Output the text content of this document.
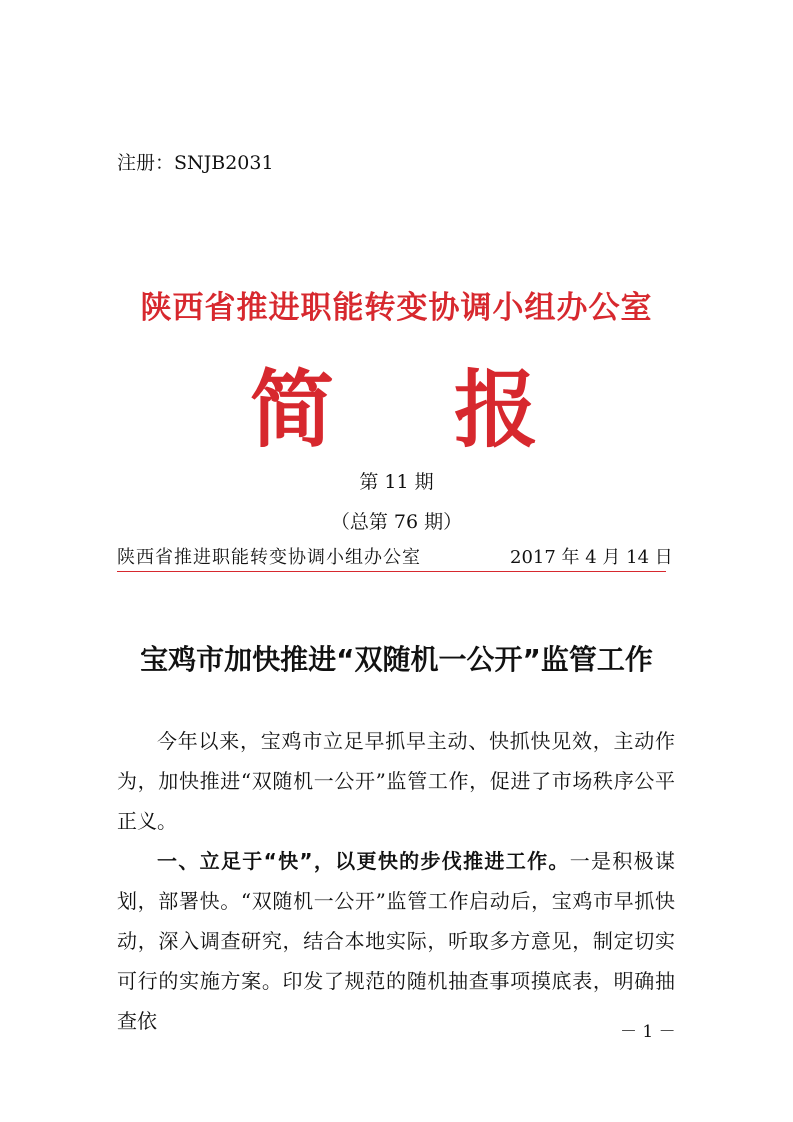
注册：SNJB2031
陕西省推进职能转变协调小组办公室
简 报
第 11 期
（总第 76 期）
陕西省推进职能转变协调小组办公室	2017 年 4 月 14 日
宝鸡市加快推进“双随机一公开”监管工作

今年以来，宝鸡市立足早抓早主动、快抓快见效，主动作为，加快推进“双随机一公开”监管工作，促进了市场秩序公平正义。

一、立足于“快”，以更快的步伐推进工作。一是积极谋划，部署快。“双随机一公开”监管工作启动后，宝鸡市早抓快动，深入调查研究，结合本地实际，听取多方意见，制定切实可行的实施方案。印发了规范的随机抽查事项摸底表，明确抽查依	－ 1 －
